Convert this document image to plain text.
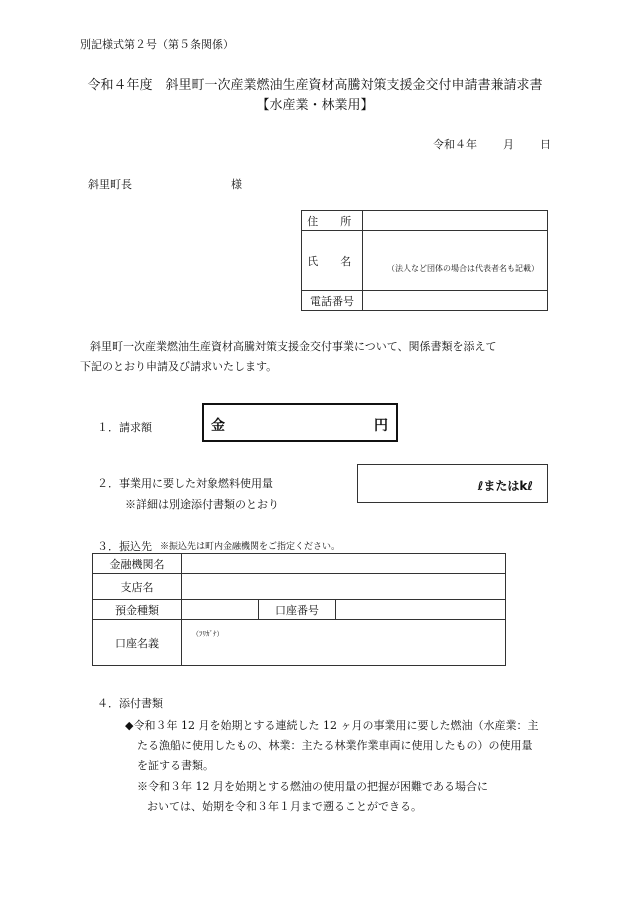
別記様式第２号（第５条関係）
令和４年度　斜里町一次産業燃油生産資材高騰対策支援金交付申請書兼請求書
【水産業・林業用】
令和４年 月 日
斜里町長	様
住　所	
氏　名	（法人など団体の場合は代表者名も記載）

電話番号	
斜里町一次産業燃油生産資材高騰対策支援金交付事業について、関係書類を添えて
下記のとおり申請及び請求いたします。
１．請求額	金	円
２．事業用に要した対象燃料使用量
※詳細は別途添付書類のとおり
ℓまたはkℓ
３．振込先 ※振込先は町内金融機関をご指定ください。
金融機関名			
支店名			
預金種類		口座番号	
口座名義	（ﾌﾘｶﾞﾅ）		
４．添付書類
◆令和３年 12 月を始期とする連続した 12 ヶ月の事業用に要した燃油（水産業：主
たる漁船に使用したもの、林業：主たる林業作業車両に使用したもの）の使用量
を証する書類。
※令和３年 12 月を始期とする燃油の使用量の把握が困難である場合に
おいては、始期を令和３年１月まで遡ることができる。
